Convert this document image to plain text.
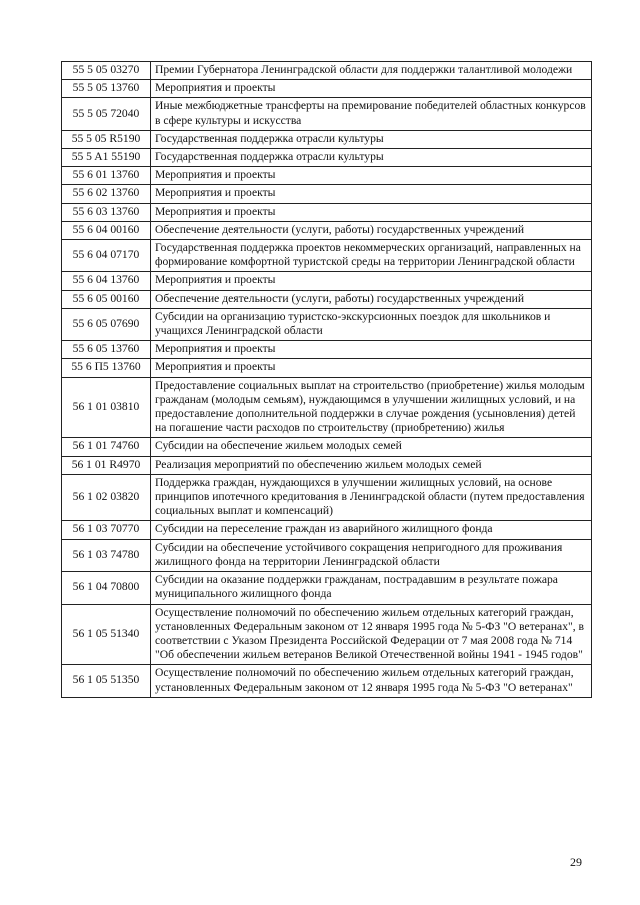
55 5 05 03270	Премии Губернатора Ленинградской области для поддержки талантливой молодежи
55 5 05 13760	Мероприятия и проекты
55 5 05 72040	Иные межбюджетные трансферты на премирование победителей областных конкурсов в сфере культуры и искусства
55 5 05 R5190	Государственная поддержка отрасли культуры
55 5 A1 55190	Государственная поддержка отрасли культуры
55 6 01 13760	Мероприятия и проекты
55 6 02 13760	Мероприятия и проекты
55 6 03 13760	Мероприятия и проекты
55 6 04 00160	Обеспечение деятельности (услуги, работы) государственных учреждений
55 6 04 07170	Государственная поддержка проектов некоммерческих организаций, направленных на формирование комфортной туристской среды на территории Ленинградской области
55 6 04 13760	Мероприятия и проекты
55 6 05 00160	Обеспечение деятельности (услуги, работы) государственных учреждений
55 6 05 07690	Субсидии на организацию туристско-экскурсионных поездок для школьников и учащихся Ленинградской области
55 6 05 13760	Мероприятия и проекты
55 6 П5 13760	Мероприятия и проекты
56 1 01 03810	Предоставление социальных выплат на строительство (приобретение) жилья молодым гражданам (молодым семьям), нуждающимся в улучшении жилищных условий, и на предоставление дополнительной поддержки в случае рождения (усыновления) детей на погашение части расходов по строительству (приобретению) жилья
56 1 01 74760	Субсидии на обеспечение жильем молодых семей
56 1 01 R4970	Реализация мероприятий по обеспечению жильем молодых семей
56 1 02 03820	Поддержка граждан, нуждающихся в улучшении жилищных условий, на основе принципов ипотечного кредитования в Ленинградской области (путем предоставления социальных выплат и компенсаций)
56 1 03 70770	Субсидии на переселение граждан из аварийного жилищного фонда
56 1 03 74780	Субсидии на обеспечение устойчивого сокращения непригодного для проживания жилищного фонда на территории Ленинградской области
56 1 04 70800	Субсидии на оказание поддержки гражданам, пострадавшим в результате пожара муниципального жилищного фонда
56 1 05 51340	Осуществление полномочий по обеспечению жильем отдельных категорий граждан, установленных Федеральным законом от 12 января 1995 года № 5-ФЗ "О ветеранах", в соответствии с Указом Президента Российской Федерации от 7 мая 2008 года № 714 "Об обеспечении жильем ветеранов Великой Отечественной войны 1941 - 1945 годов"
56 1 05 51350	Осуществление полномочий по обеспечению жильем отдельных категорий граждан, установленных Федеральным законом от 12 января 1995 года № 5-ФЗ "О ветеранах"
29
